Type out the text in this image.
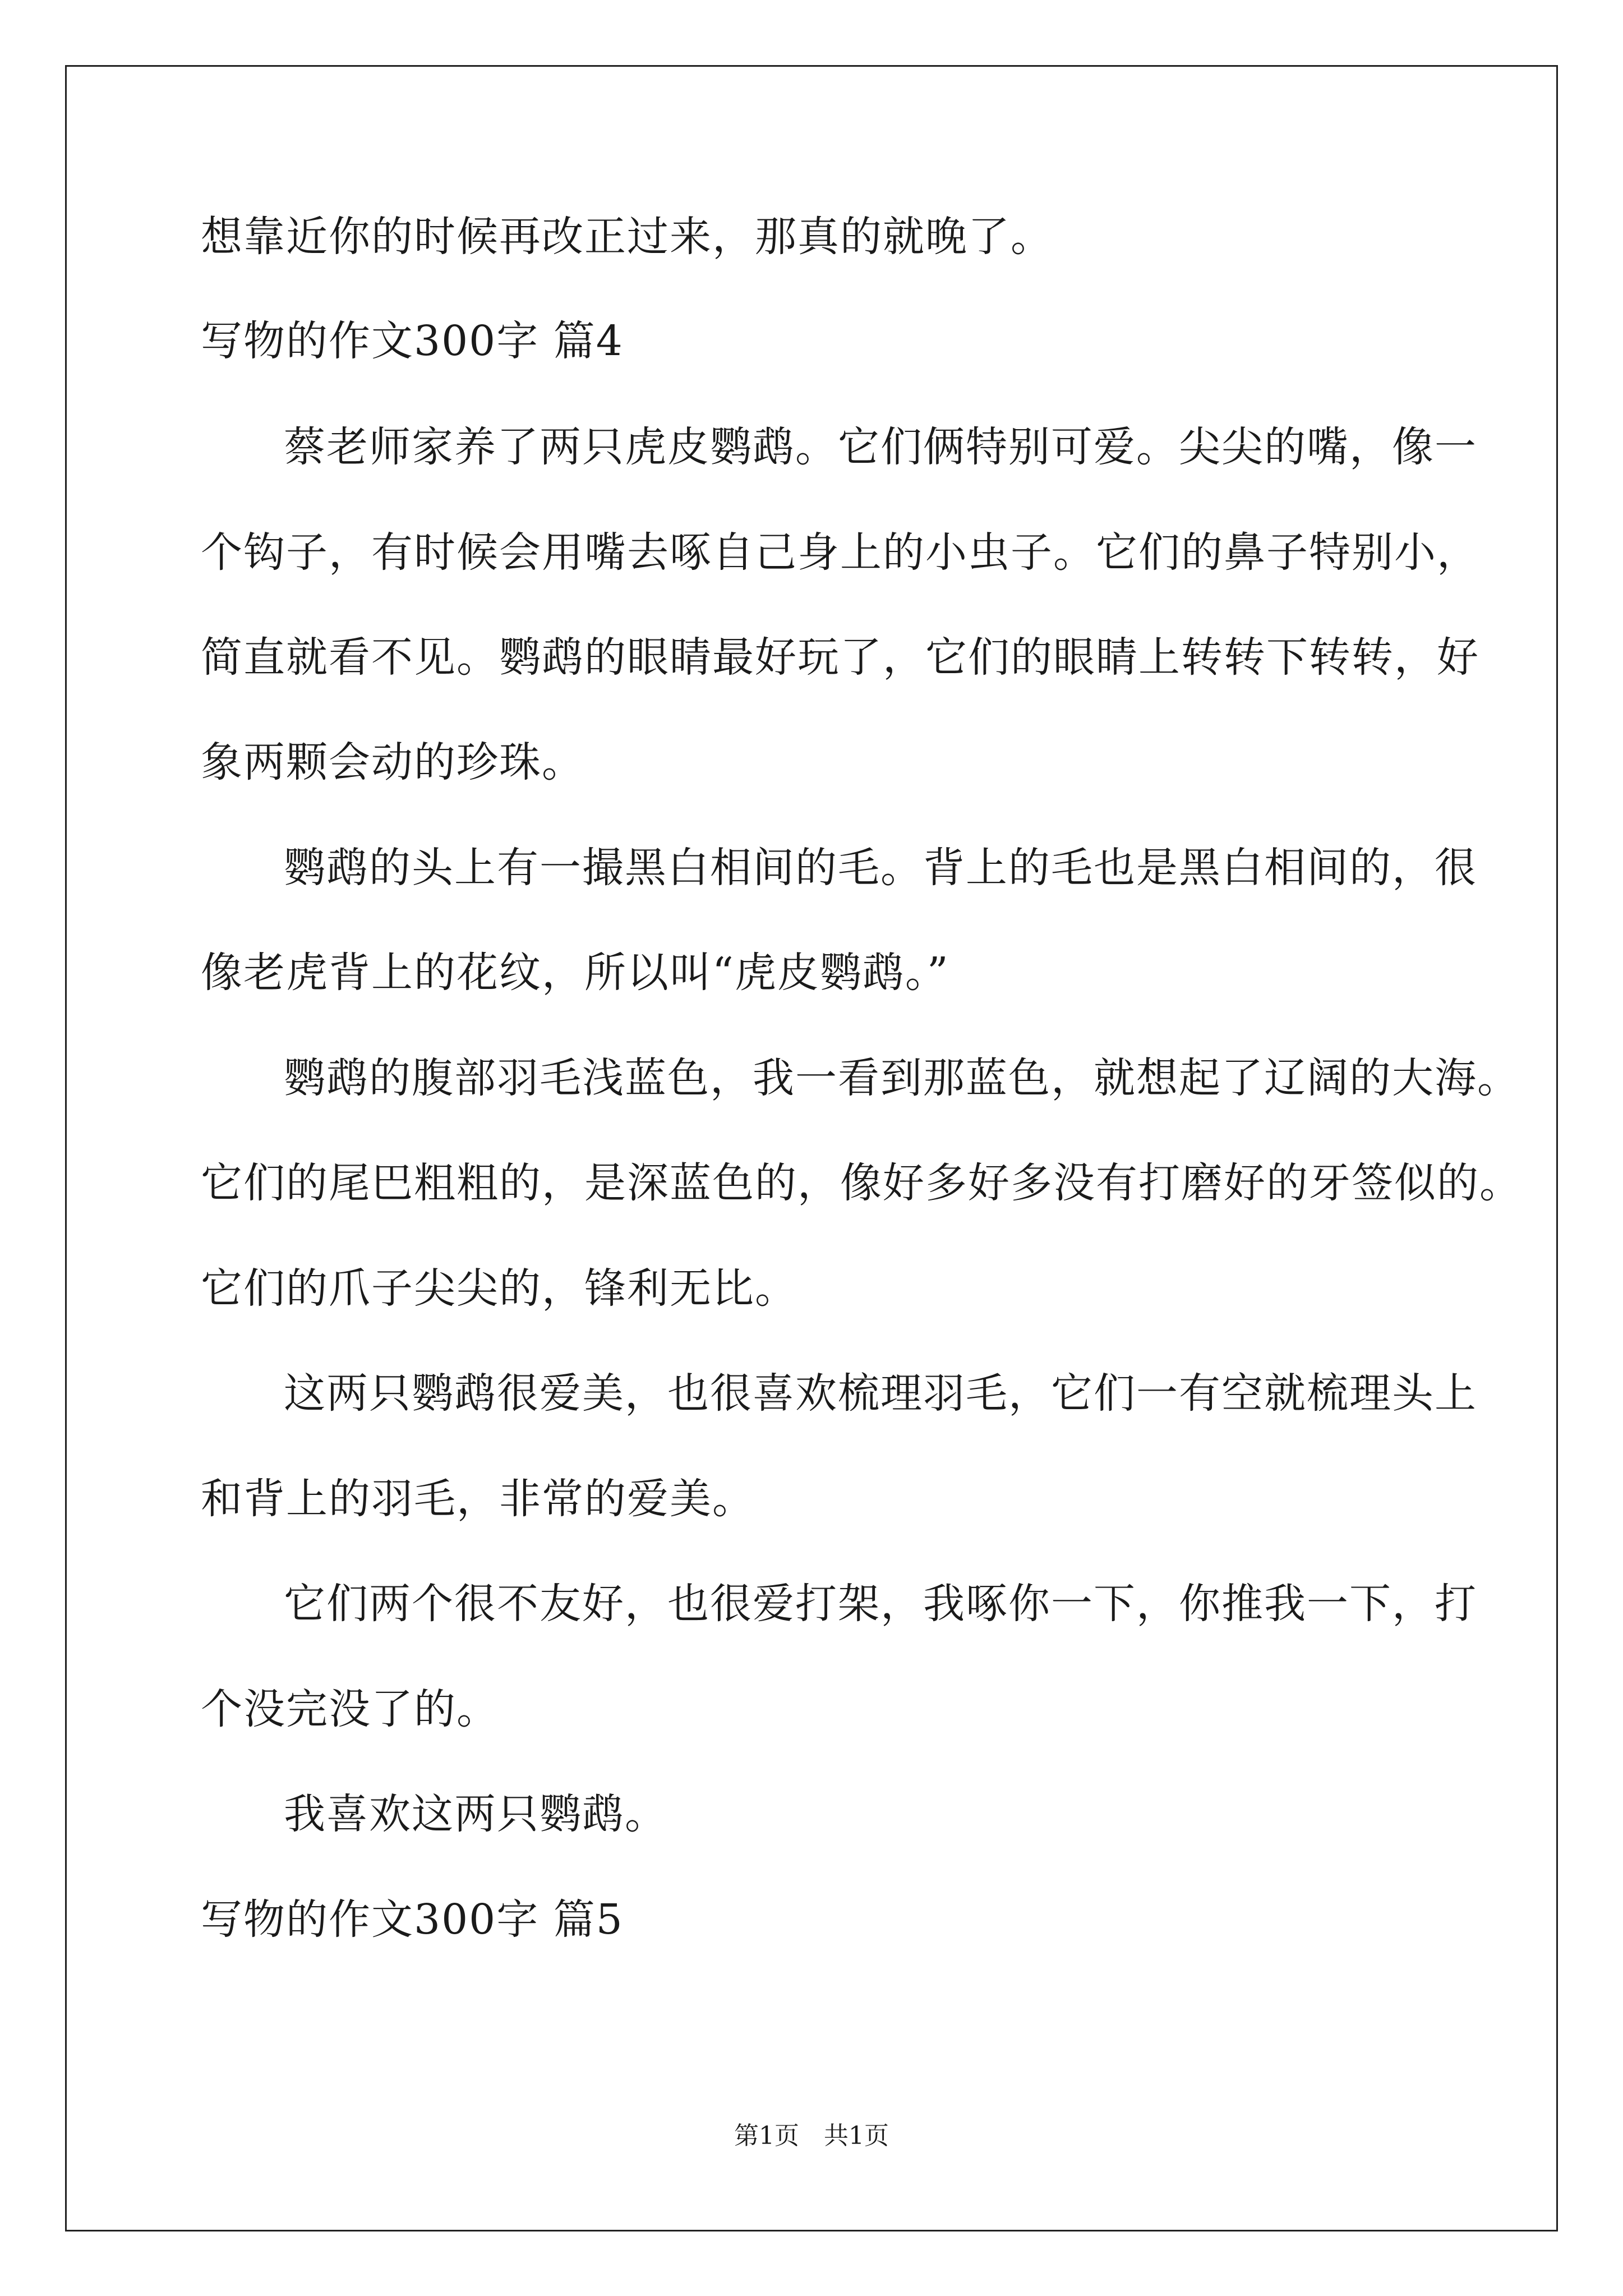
想靠近你的时候再改正过来，那真的就晚了。
写物的作文300字 篇4
蔡老师家养了两只虎皮鹦鹉。它们俩特别可爱。尖尖的嘴，像一
个钩子，有时候会用嘴去啄自己身上的小虫子。它们的鼻子特别小，
简直就看不见。鹦鹉的眼睛最好玩了，它们的眼睛上转转下转转，好
象两颗会动的珍珠。
鹦鹉的头上有一撮黑白相间的毛。背上的毛也是黑白相间的，很
像老虎背上的花纹，所以叫“虎皮鹦鹉。”
鹦鹉的腹部羽毛浅蓝色，我一看到那蓝色，就想起了辽阔的大海。
它们的尾巴粗粗的，是深蓝色的，像好多好多没有打磨好的牙签似的。
它们的爪子尖尖的，锋利无比。
这两只鹦鹉很爱美，也很喜欢梳理羽毛，它们一有空就梳理头上
和背上的羽毛，非常的爱美。
它们两个很不友好，也很爱打架，我啄你一下，你推我一下，打
个没完没了的。
我喜欢这两只鹦鹉。
写物的作文300字 篇5
第1页　共1页
